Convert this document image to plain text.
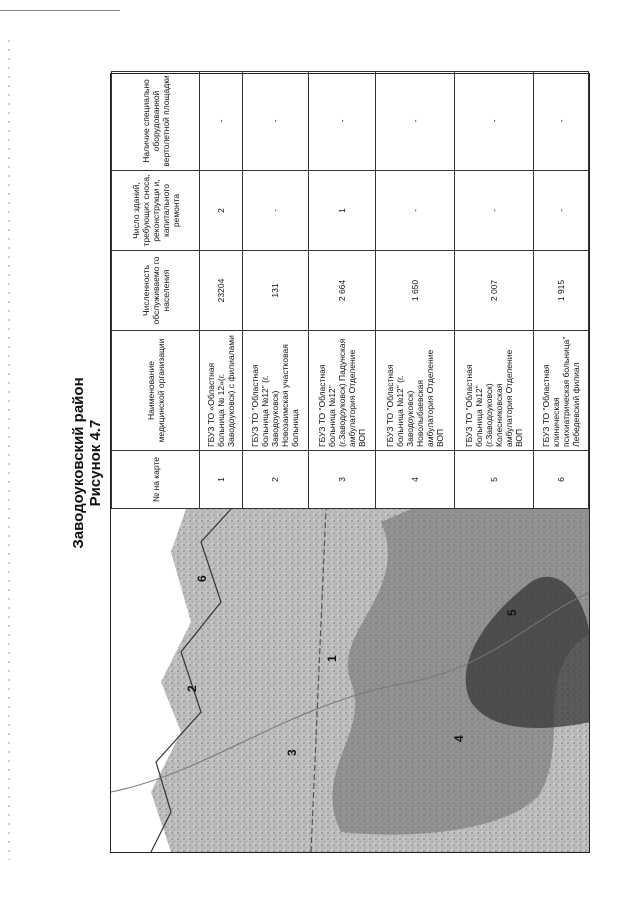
Заводоуковский район Рисунок 4.7
1
2
3
4
5
6
№ на карте	Наименование медицинской организации	Численность обслуживаемо го населения	Число зданий, требующих сноса, реконструкци и, капитального ремонта	Наличие специально оборудованной вертолетной площадки
1	ГБУЗ ТО «Областная больница № 12»(г. Заводоуковск) с филиалами	23204	2	-
2	ГБУЗ ТО "Областная больница №12" (г. Заводоуковск) Новозаимская участковая больница	131	-	-
3	ГБУЗ ТО "Областная больница №12" (г.Заводоуковск) Падунская амбулатория Отделение ВОП	2 664	1	-
4	ГБУЗ ТО "Областная больница №12" (г. Заводоуковск) Новолыбаевская амбулатория Отделение ВОП	1 650	-	-
5	ГБУЗ ТО "Областная больница №12" (г.Заводоуковск) Колесниковская амбулатория Отделение ВОП	2 007	-	-
6	ГБУЗ ТО "Областная клиническая психиатрическая больница" Лебедевский филиал	1 915	-	-
